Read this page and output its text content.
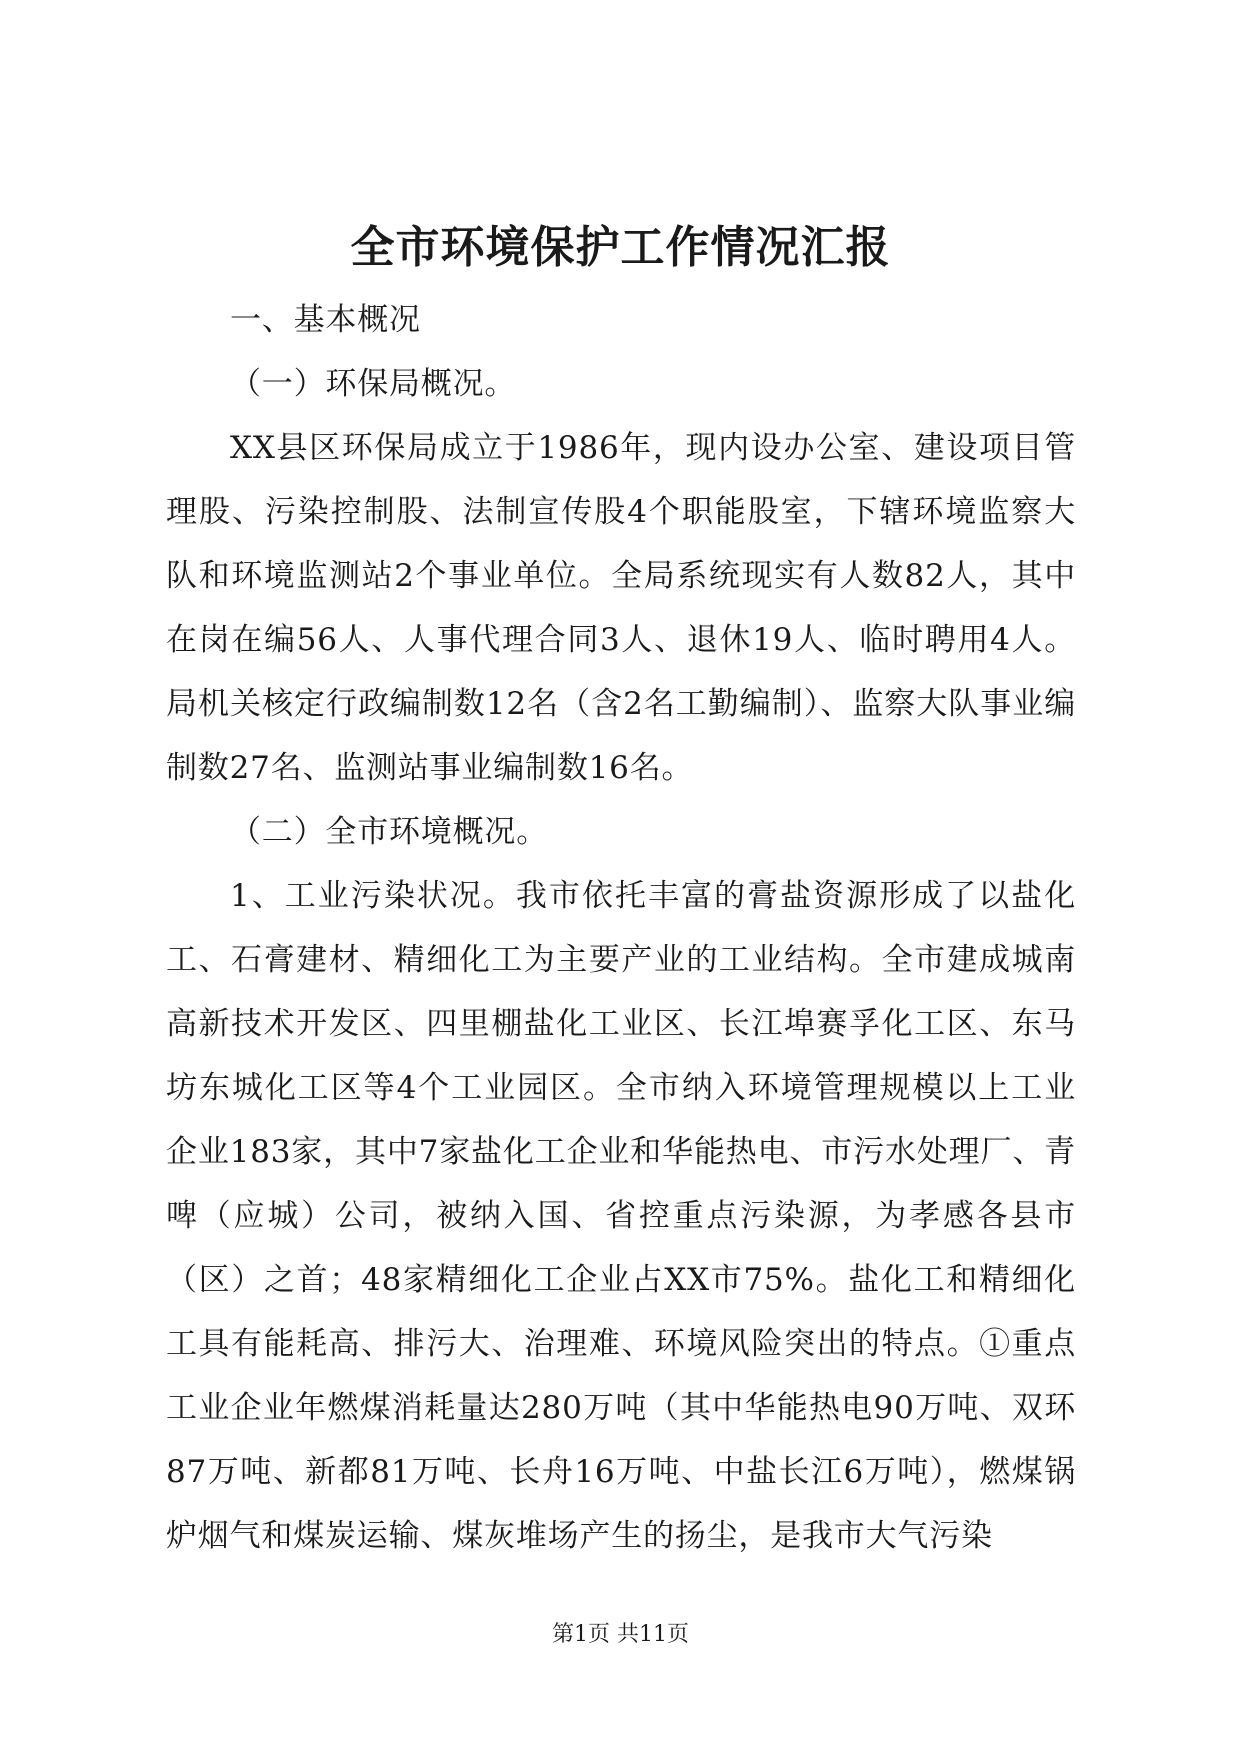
全市环境保护工作情况汇报

一、基本概况

（一）环保局概况。

XX县区环保局成立于1986年，现内设办公室、建设项目管理股、污染控制股、法制宣传股4个职能股室，下辖环境监察大队和环境监测站2个事业单位。全局系统现实有人数82人，其中在岗在编56人、人事代理合同3人、退休19人、临时聘用4人。局机关核定行政编制数12名（含2名工勤编制）、监察大队事业编制数27名、监测站事业编制数16名。

（二）全市环境概况。

1、工业污染状况。我市依托丰富的膏盐资源形成了以盐化工、石膏建材、精细化工为主要产业的工业结构。全市建成城南高新技术开发区、四里棚盐化工业区、长江埠赛孚化工区、东马坊东城化工区等4个工业园区。全市纳入环境管理规模以上工业企业183家，其中7家盐化工企业和华能热电、市污水处理厂、青啤（应城）公司，被纳入国、省控重点污染源，为孝感各县市（区）之首；48家精细化工企业占XX市75%。盐化工和精细化工具有能耗高、排污大、治理难、环境风险突出的特点。①重点工业企业年燃煤消耗量达280万吨（其中华能热电90万吨、双环87万吨、新都81万吨、长舟16万吨、中盐长江6万吨），燃煤锅炉烟气和煤炭运输、煤灰堆场产生的扬尘，是我市大气污染

第1页 共11页
